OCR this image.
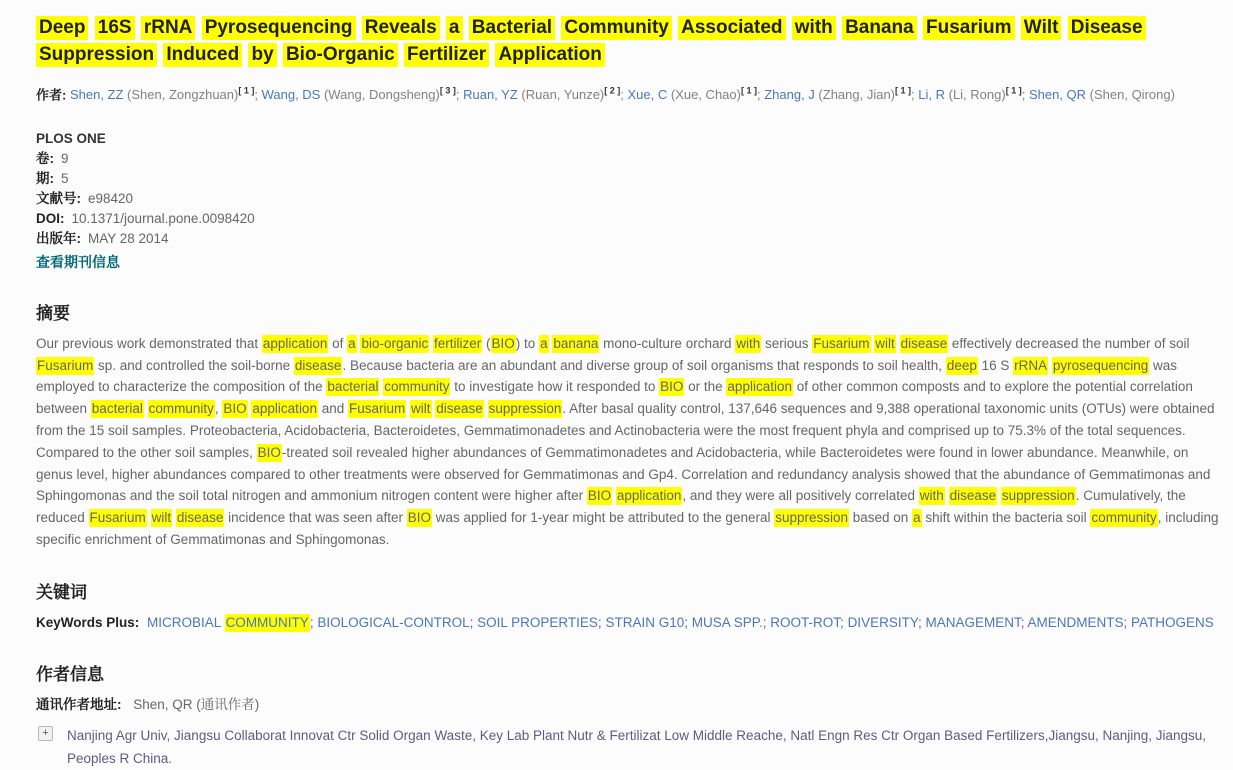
Deep 16S rRNA Pyrosequencing Reveals a Bacterial Community Associated with Banana Fusarium Wilt Disease Suppression Induced by Bio-Organic Fertilizer Application
作者: Shen, ZZ (Shen, Zongzhuan)[ 1 ]; Wang, DS (Wang, Dongsheng)[ 3 ]; Ruan, YZ (Ruan, Yunze)[ 2 ]; Xue, C (Xue, Chao)[ 1 ]; Zhang, J (Zhang, Jian)[ 1 ]; Li, R (Li, Rong)[ 1 ]; Shen, QR (Shen, Qirong)
PLOS ONE
卷: 9
期: 5
文献号: e98420
DOI: 10.1371/journal.pone.0098420
出版年: MAY 28 2014
查看期刊信息
摘要

Our previous work demonstrated that application of a bio-organic fertilizer (BIO) to a banana mono-culture orchard with serious Fusarium wilt disease effectively decreased the number of soil Fusarium sp. and controlled the soil-borne disease. Because bacteria are an abundant and diverse group of soil organisms that responds to soil health, deep 16 S rRNA pyrosequencing was employed to characterize the composition of the bacterial community to investigate how it responded to BIO or the application of other common composts and to explore the potential correlation between bacterial community, BIO application and Fusarium wilt disease suppression. After basal quality control, 137,646 sequences and 9,388 operational taxonomic units (OTUs) were obtained from the 15 soil samples. Proteobacteria, Acidobacteria, Bacteroidetes, Gemmatimonadetes and Actinobacteria were the most frequent phyla and comprised up to 75.3% of the total sequences. Compared to the other soil samples, BIO-treated soil revealed higher abundances of Gemmatimonadetes and Acidobacteria, while Bacteroidetes were found in lower abundance. Meanwhile, on genus level, higher abundances compared to other treatments were observed for Gemmatimonas and Gp4. Correlation and redundancy analysis showed that the abundance of Gemmatimonas and Sphingomonas and the soil total nitrogen and ammonium nitrogen content were higher after BIO application, and they were all positively correlated with disease suppression. Cumulatively, the reduced Fusarium wilt disease incidence that was seen after BIO was applied for 1-year might be attributed to the general suppression based on a shift within the bacteria soil community, including specific enrichment of Gemmatimonas and Sphingomonas.

关键词
KeyWords Plus: MICROBIAL COMMUNITY; BIOLOGICAL-CONTROL; SOIL PROPERTIES; STRAIN G10; MUSA SPP.; ROOT-ROT; DIVERSITY; MANAGEMENT; AMENDMENTS; PATHOGENS
作者信息
通讯作者地址: Shen, QR (通讯作者)
+	Nanjing Agr Univ, Jiangsu Collaborat Innovat Ctr Solid Organ Waste, Key Lab Plant Nutr & Fertilizat Low Middle Reache, Natl Engn Res Ctr Organ Based Fertilizers,Jiangsu, Nanjing, Jiangsu, Peoples R China.
